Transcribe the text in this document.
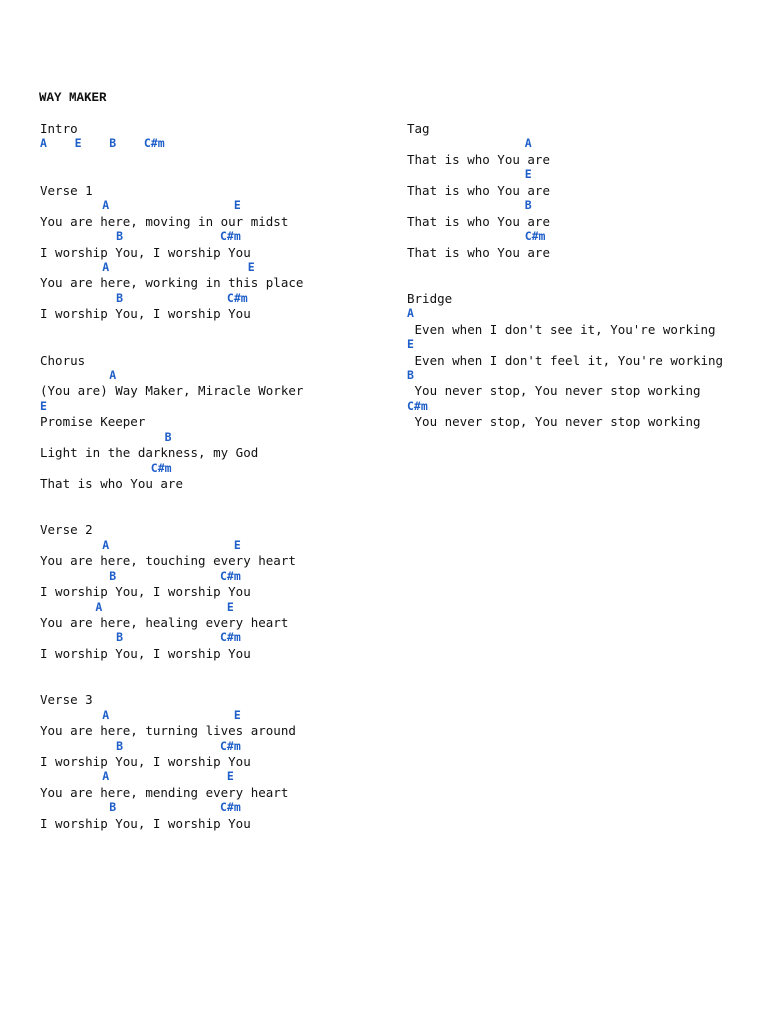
WAY MAKER
Intro
A    E    B    C#m
Verse 1
A                  E
You are here, moving in our midst
B              C#m
I worship You, I worship You
A                    E
You are here, working in this place
B               C#m
I worship You, I worship You
Chorus
A
(You are) Way Maker, Miracle Worker
E
Promise Keeper
B
Light in the darkness, my God
C#m
That is who You are
Verse 2
A                  E
You are here, touching every heart
B               C#m
I worship You, I worship You
A                  E
You are here, healing every heart
B              C#m
I worship You, I worship You
Verse 3
A                  E
You are here, turning lives around
B              C#m
I worship You, I worship You
A                 E
You are here, mending every heart
B               C#m
I worship You, I worship You
Tag
A
That is who You are
E
That is who You are
B
That is who You are
C#m
That is who You are
Bridge
A
Even when I don't see it, You're working
E
Even when I don't feel it, You're working
B
You never stop, You never stop working
C#m
You never stop, You never stop working
